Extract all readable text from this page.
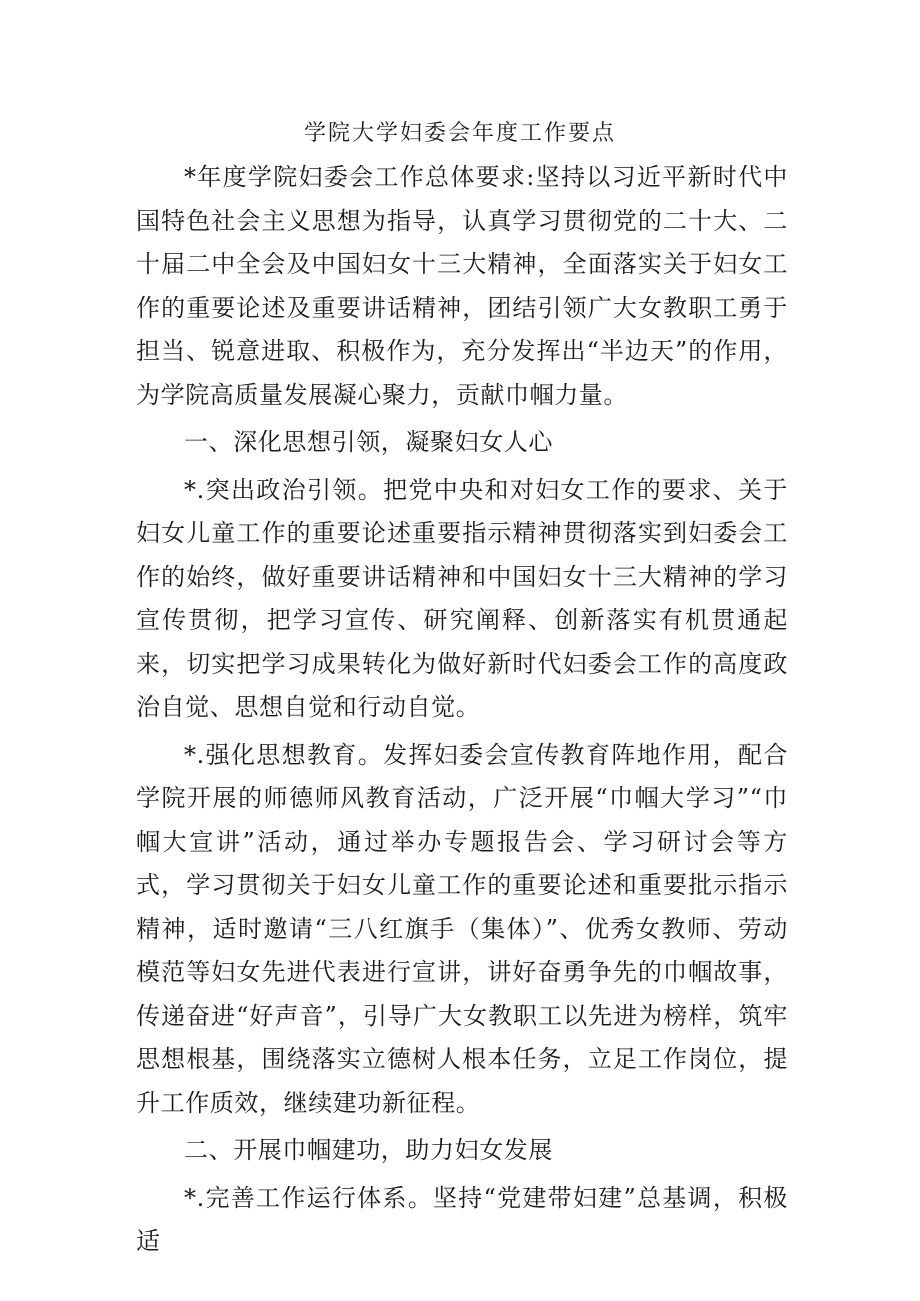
学院大学妇委会年度工作要点

*年度学院妇委会工作总体要求:坚持以习近平新时代中国特色社会主义思想为指导，认真学习贯彻党的二十大、二十届二中全会及中国妇女十三大精神，全面落实关于妇女工作的重要论述及重要讲话精神，团结引领广大女教职工勇于担当、锐意进取、积极作为，充分发挥出“半边天”的作用，为学院高质量发展凝心聚力，贡献巾帼力量。

一、深化思想引领，凝聚妇女人心

*.突出政治引领。把党中央和对妇女工作的要求、关于妇女儿童工作的重要论述重要指示精神贯彻落实到妇委会工作的始终，做好重要讲话精神和中国妇女十三大精神的学习宣传贯彻，把学习宣传、研究阐释、创新落实有机贯通起来，切实把学习成果转化为做好新时代妇委会工作的高度政治自觉、思想自觉和行动自觉。

*.强化思想教育。发挥妇委会宣传教育阵地作用，配合学院开展的师德师风教育活动，广泛开展“巾帼大学习”“巾帼大宣讲”活动，通过举办专题报告会、学习研讨会等方式，学习贯彻关于妇女儿童工作的重要论述和重要批示指示精神，适时邀请“三八红旗手（集体）”、优秀女教师、劳动模范等妇女先进代表进行宣讲，讲好奋勇争先的巾帼故事，传递奋进“好声音”，引导广大女教职工以先进为榜样，筑牢思想根基，围绕落实立德树人根本任务，立足工作岗位，提升工作质效，继续建功新征程。

二、开展巾帼建功，助力妇女发展

*.完善工作运行体系。坚持“党建带妇建”总基调，积极适
